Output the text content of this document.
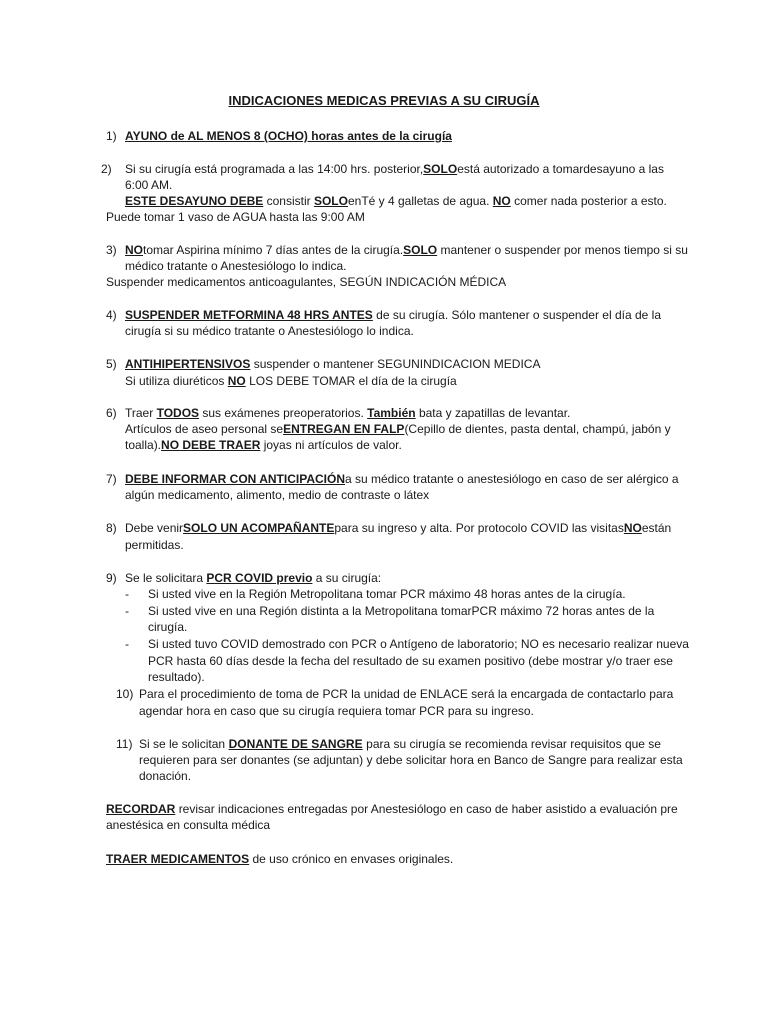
INDICACIONES MEDICAS PREVIAS A SU CIRUGÍA
1) AYUNO de AL MENOS 8 (OCHO) horas antes de la cirugía
2) Si su cirugía está programada a las 14:00 hrs. posterior, SOLO está autorizado a tomardesayuno a las
6:00 AM.
ESTE DESAYUNO DEBE consistir SOLOenTé y 4 galletas de agua. NO comer nada posterior a esto.
Puede tomar 1 vaso de AGUA hasta las 9:00 AM
3) NOtomar Aspirina mínimo 7 días antes de la cirugía.SOLO mantener o suspender por menos tiempo si su
médico tratante o Anestesiólogo lo indica.
Suspender medicamentos anticoagulantes, SEGÚN INDICACIÓN MÉDICA
4) SUSPENDER METFORMINA 48 HRS ANTES de su cirugía. Sólo mantener o suspender el día de la
cirugía si su médico tratante o Anestesiólogo lo indica.
5) ANTIHIPERTENSIVOS suspender o mantener SEGUNINDICACION MEDICA
Si utiliza diuréticos NO LOS DEBE TOMAR el día de la cirugía
6) Traer TODOS sus exámenes preoperatorios. También bata y zapatillas de levantar.
Artículos de aseo personal se ENTREGAN EN FALP(Cepillo de dientes, pasta dental, champú, jabón y
toalla).NO DEBE TRAER joyas ni artículos de valor.
7) DEBE INFORMAR CON ANTICIPACIÓN a su médico tratante o anestesiólogo en caso de ser alérgico a
algún medicamento, alimento, medio de contraste o látex
8) Debe venir SOLO UN ACOMPAÑANTE para su ingreso y alta. Por protocolo COVID las visitas NO están
permitidas.
9) Se le solicitara PCR COVID previo a su cirugía:
- Si usted vive en la Región Metropolitana tomar PCR máximo 48 horas antes de la cirugía.
- Si usted vive en una Región distinta a la Metropolitana tomarPCR máximo 72 horas antes de la
cirugía.
- Si usted tuvo COVID demostrado con PCR o Antígeno de laboratorio; NO es necesario realizar nueva
PCR hasta 60 días desde la fecha del resultado de su examen positivo (debe mostrar y/o traer ese
resultado).
10) Para el procedimiento de toma de PCR la unidad de ENLACE será la encargada de contactarlo para
agendar hora en caso que su cirugía requiera tomar PCR para su ingreso.
11) Si se le solicitan DONANTE DE SANGRE para su cirugía se recomienda revisar requisitos que se
requieren para ser donantes (se adjuntan) y debe solicitar hora en Banco de Sangre para realizar esta
donación.
RECORDAR revisar indicaciones entregadas por Anestesiólogo en caso de haber asistido a evaluación pre
anestésica en consulta médica
TRAER MEDICAMENTOS de uso crónico en envases originales.
